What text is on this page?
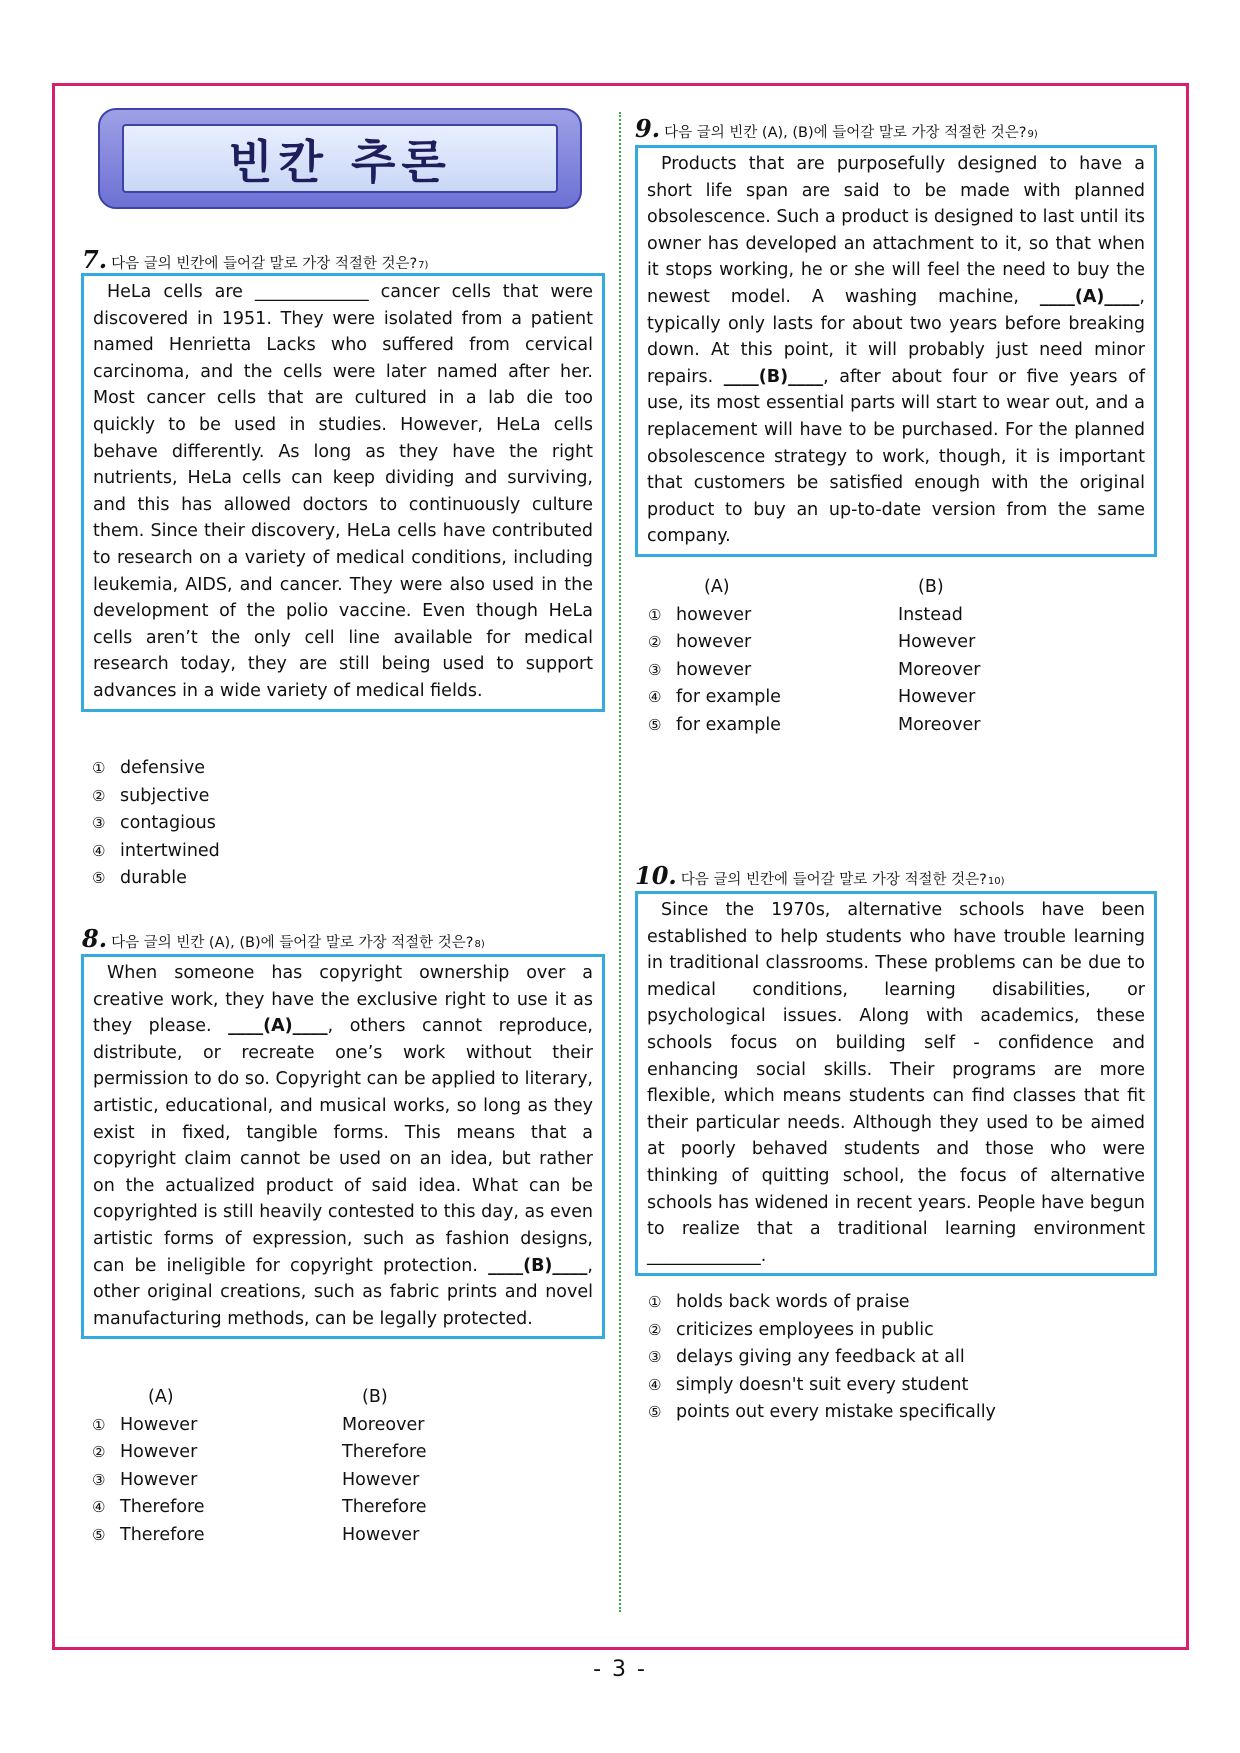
빈칸 추론
7. 다음 글의 빈칸에 들어갈 말로 가장 적절한 것은? 7)
HeLa cells are _____________ cancer cells that were discovered in 1951. They were isolated from a patient named Henrietta Lacks who suffered from cervical carcinoma, and the cells were later named after her. Most cancer cells that are cultured in a lab die too quickly to be used in studies. However, HeLa cells behave differently. As long as they have the right nutrients, HeLa cells can keep dividing and surviving, and this has allowed doctors to continuously culture them. Since their discovery, HeLa cells have contributed to research on a variety of medical conditions, including leukemia, AIDS, and cancer. They were also used in the development of the polio vaccine. Even though HeLa cells aren’t the only cell line available for medical research today, they are still being used to support advances in a wide variety of medical fields.
① defensive
② subjective
③ contagious
④ intertwined
⑤ durable
8. 다음 글의 빈칸 (A), (B)에 들어갈 말로 가장 적절한 것은? 8)
When someone has copyright ownership over a creative work, they have the exclusive right to use it as they please. ____(A)____, others cannot reproduce, distribute, or recreate one’s work without their permission to do so. Copyright can be applied to literary, artistic, educational, and musical works, so long as they exist in fixed, tangible forms. This means that a copyright claim cannot be used on an idea, but rather on the actualized product of said idea. What can be copyrighted is still heavily contested to this day, as even artistic forms of expression, such as fashion designs, can be ineligible for copyright protection. ____(B)____, other original creations, such as fabric prints and novel manufacturing methods, can be legally protected.
(A)	(B)
① However	Moreover
② However	Therefore
③ However	However
④ Therefore	Therefore
⑤ Therefore	However
9. 다음 글의 빈칸 (A), (B)에 들어갈 말로 가장 적절한 것은? 9)
Products that are purposefully designed to have a short life span are said to be made with planned obsolescence. Such a product is designed to last until its owner has developed an attachment to it, so that when it stops working, he or she will feel the need to buy the newest model. A washing machine, ____(A)____, typically only lasts for about two years before breaking down. At this point, it will probably just need minor repairs. ____(B)____, after about four or five years of use, its most essential parts will start to wear out, and a replacement will have to be purchased. For the planned obsolescence strategy to work, though, it is important that customers be satisfied enough with the original product to buy an up-to-date version from the same company.
(A)	(B)
① however	Instead
② however	However
③ however	Moreover
④ for example	However
⑤ for example	Moreover
10. 다음 글의 빈칸에 들어갈 말로 가장 적절한 것은? 10)
Since the 1970s, alternative schools have been established to help students who have trouble learning in traditional classrooms. These problems can be due to medical conditions, learning disabilities, or psychological issues. Along with academics, these schools focus on building self - confidence and enhancing social skills. Their programs are more flexible, which means students can find classes that fit their particular needs. Although they used to be aimed at poorly behaved students and those who were thinking of quitting school, the focus of alternative schools has widened in recent years. People have begun to realize that a traditional learning environment _____________.
① holds back words of praise
② criticizes employees in public
③ delays giving any feedback at all
④ simply doesn't suit every student
⑤ points out every mistake specifically
- 3 -
